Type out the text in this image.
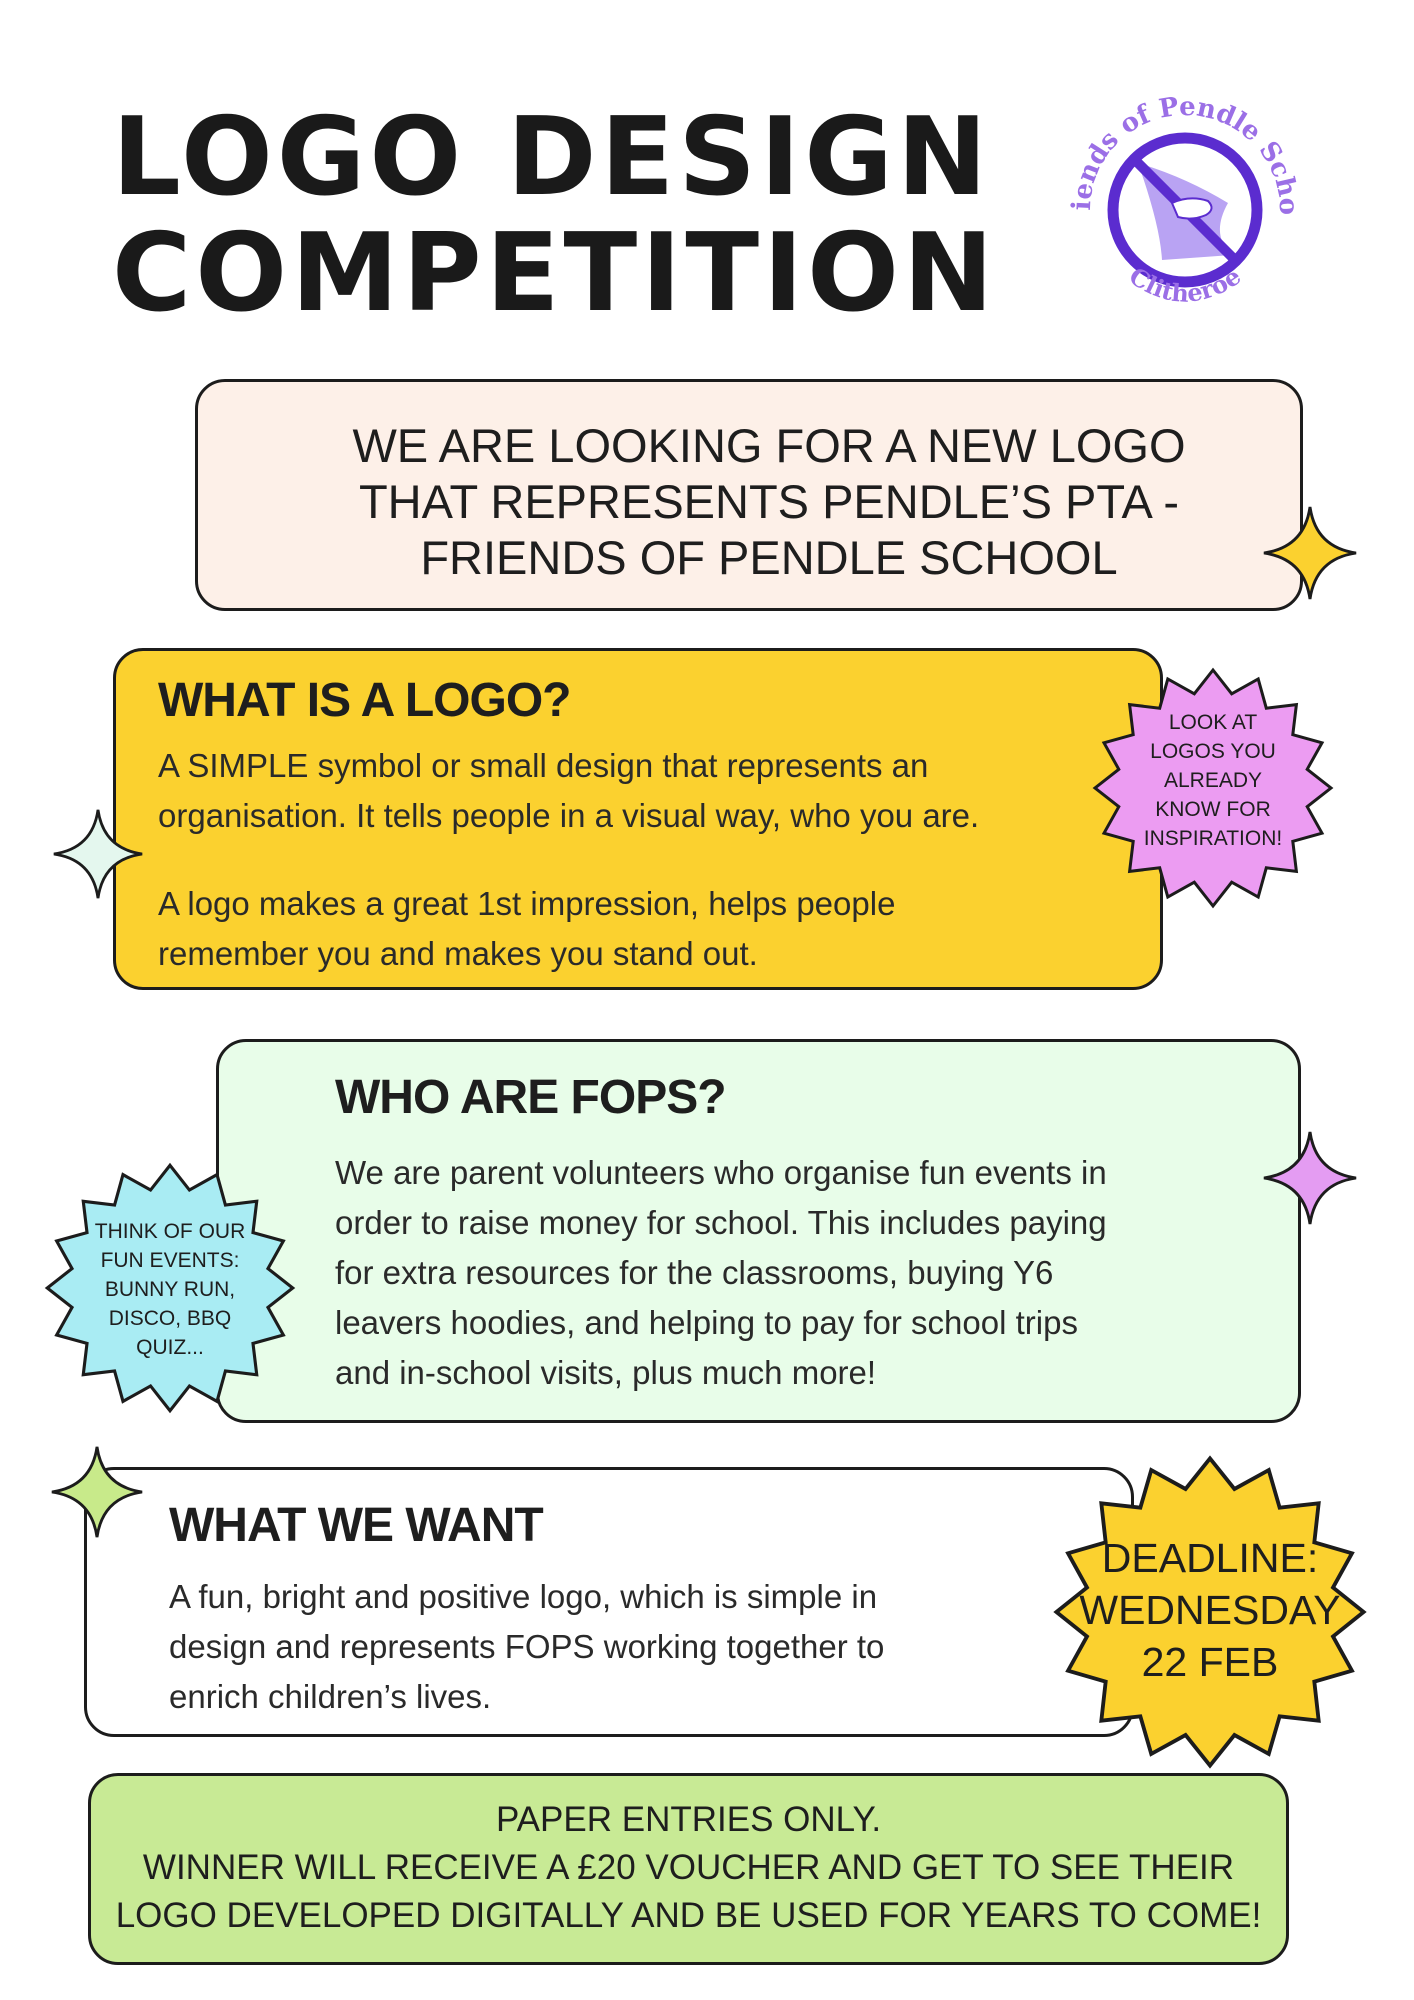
LOGO DESIGN
COMPETITION
Friends of Pendle School
Clitheroe
WE ARE LOOKING FOR A NEW LOGO
THAT REPRESENTS PENDLE’S PTA -
FRIENDS OF PENDLE SCHOOL
WHAT IS A LOGO?
A SIMPLE symbol or small design that represents an
organisation. It tells people in a visual way, who you are.
A logo makes a great 1st impression, helps people
remember you and makes you stand out.
LOOK AT
LOGOS YOU
ALREADY
KNOW FOR
INSPIRATION!
WHO ARE FOPS?
We are parent volunteers who organise fun events in
order to raise money for school. This includes paying
for extra resources for the classrooms, buying Y6
leavers hoodies, and helping to pay for school trips
and in-school visits, plus much more!
THINK OF OUR
FUN EVENTS:
BUNNY RUN,
DISCO, BBQ
QUIZ...
WHAT WE WANT
A fun, bright and positive logo, which is simple in
design and represents FOPS working together to
enrich children’s lives.
DEADLINE:
WEDNESDAY
22 FEB
PAPER ENTRIES ONLY.
WINNER WILL RECEIVE A £20 VOUCHER AND GET TO SEE THEIR
LOGO DEVELOPED DIGITALLY AND BE USED FOR YEARS TO COME!
